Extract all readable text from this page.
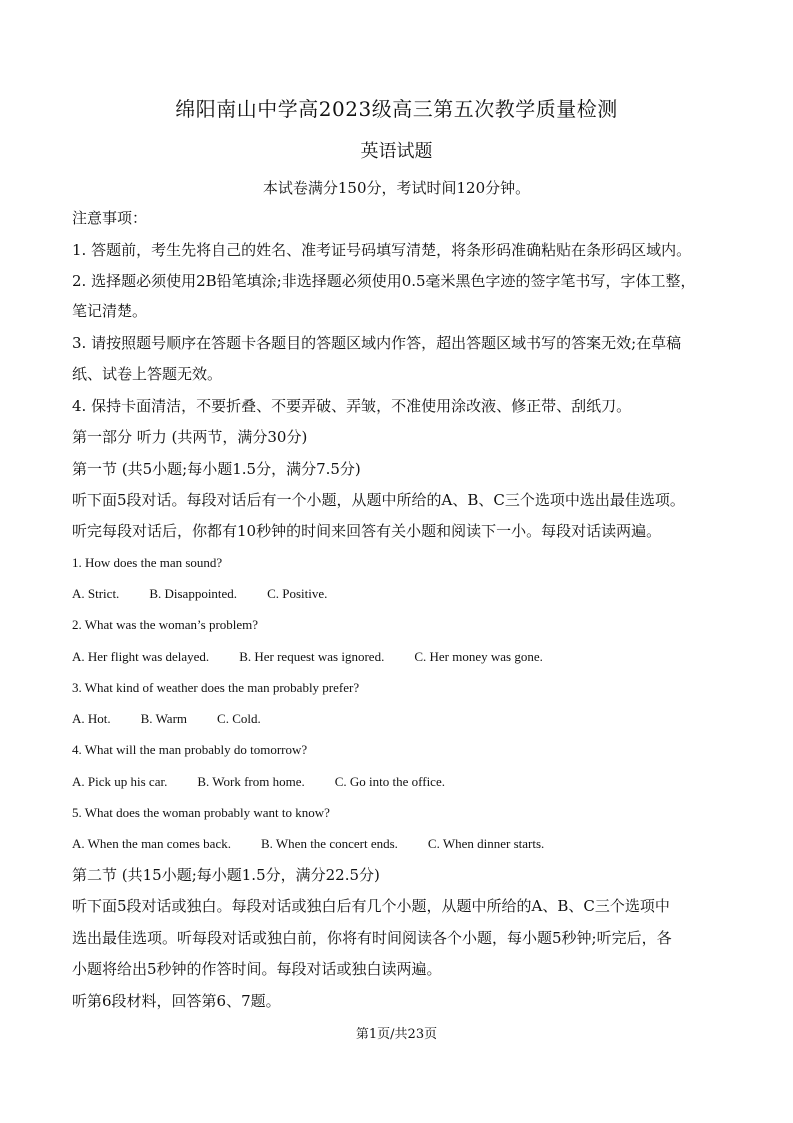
绵阳南山中学高2023级高三第五次教学质量检测
英语试题
本试卷满分150分，考试时间120分钟。
注意事项：
1. 答题前，考生先将自己的姓名、准考证号码填写清楚，将条形码准确粘贴在条形码区域内。
2. 选择题必须使用2B铅笔填涂;非选择题必须使用0.5毫米黑色字迹的签字笔书写，字体工整，
笔记清楚。
3. 请按照题号顺序在答题卡各题目的答题区域内作答，超出答题区域书写的答案无效;在草稿
纸、试卷上答题无效。
4. 保持卡面清洁，不要折叠、不要弄破、弄皱，不准使用涂改液、修正带、刮纸刀。
第一部分 听力 (共两节，满分30分)
第一节 (共5小题;每小题1.5分，满分7.5分)
听下面5段对话。每段对话后有一个小题，从题中所给的A、B、C三个选项中选出最佳选项。
听完每段对话后，你都有10秒钟的时间来回答有关小题和阅读下一小。每段对话读两遍。
1. How does the man sound?
A. Strict. B. Disappointed. C. Positive.
2. What was the woman’s problem?
A. Her flight was delayed. B. Her request was ignored. C. Her money was gone.
3. What kind of weather does the man probably prefer?
A. Hot. B. Warm C. Cold.
4. What will the man probably do tomorrow?
A. Pick up his car. B. Work from home. C. Go into the office.
5. What does the woman probably want to know?
A. When the man comes back. B. When the concert ends. C. When dinner starts.
第二节 (共15小题;每小题1.5分，满分22.5分)
听下面5段对话或独白。每段对话或独白后有几个小题，从题中所给的A、B、C三个选项中
选出最佳选项。听每段对话或独白前，你将有时间阅读各个小题，每小题5秒钟;听完后，各
小题将给出5秒钟的作答时间。每段对话或独白读两遍。
听第6段材料，回答第6、7题。
第1页/共23页
